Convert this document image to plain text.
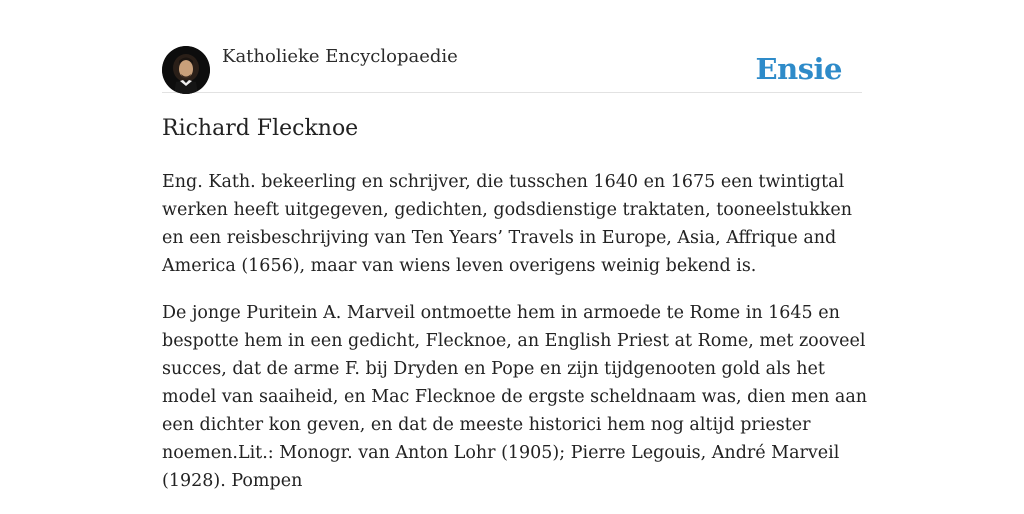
Katholieke Encyclopaedie	Ensie
Richard Flecknoe

Eng. Kath. bekeerling en schrijver, die tusschen 1640 en 1675 een twintigtal werken heeft uitgegeven, gedichten, godsdienstige traktaten, tooneelstukken en een reisbeschrijving van Ten Years’ Travels in Europe, Asia, Affrique and America (1656), maar van wiens leven overigens weinig bekend is.

De jonge Puritein A. Marveil ontmoette hem in armoede te Rome in 1645 en bespotte hem in een gedicht, Flecknoe, an English Priest at Rome, met zooveel succes, dat de arme F. bij Dryden en Pope en zijn tijdgenooten gold als het model van saaiheid, en Mac Flecknoe de ergste scheldnaam was, dien men aan een dichter kon geven, en dat de meeste historici hem nog altijd priester noemen.Lit.: Monogr. van Anton Lohr (1905); Pierre Legouis, André Marveil (1928). Pompen
